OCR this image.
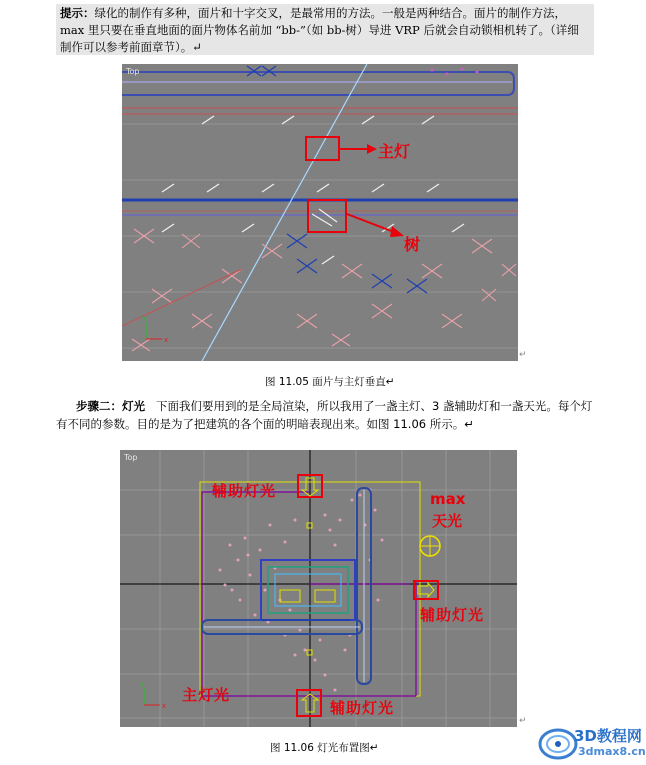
提示：绿化的制作有多种，面片和十字交叉，是最常用的方法。一般是两种结合。面片的制作方法，max 里只要在垂直地面的面片物体名前加 “bb-”（如 bb-树）导进 VRP 后就会自动锁相机转了。（详细制作可以参考前面章节）。↵
y
x
Top
主灯
树
↵
图 11.05 面片与主灯垂直↵
步骤二：灯光 下面我们要用到的是全局渲染，所以我用了一盏主灯、3 盏辅助灯和一盏天光。每个灯有不同的参数。目的是为了把建筑的各个面的明暗表现出来。如图 11.06 所示。↵
y
x
Top
辅助灯光	max
天光
辅助灯光
主灯光
辅助灯光
↵
图 11.06 灯光布置图↵
3D教程网
3dmax8.cn
